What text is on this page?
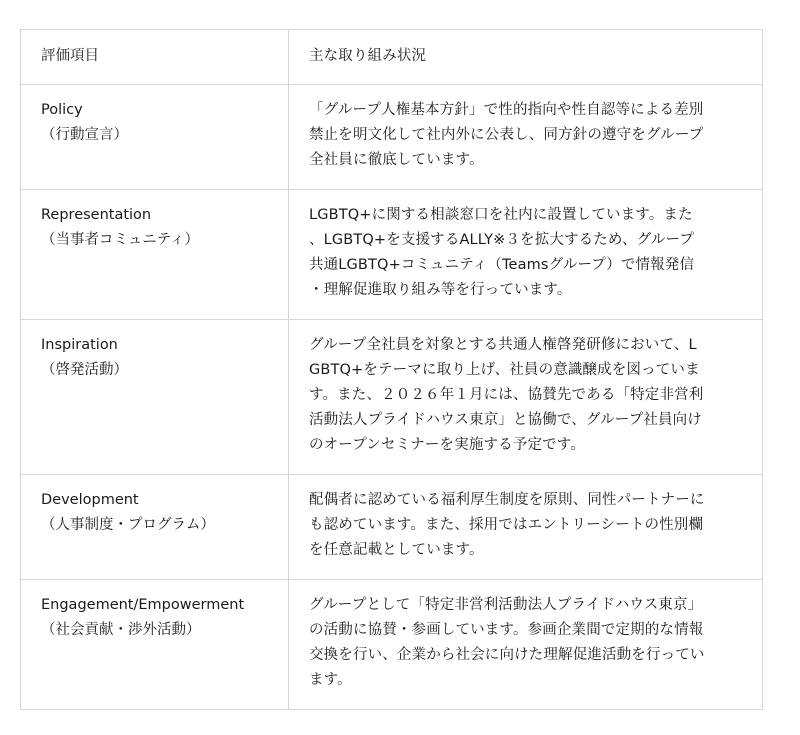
評価項目	主な取り組み状況

Policy
（行動宣言）	「グループ人権基本方針」で性的指向や性自認等による差別
禁止を明文化して社内外に公表し、同方針の遵守をグループ
全社員に徹底しています。

Representation
（当事者コミュニティ）	LGBTQ+に関する相談窓口を社内に設置しています。また
、LGBTQ+を支援するALLY※３を拡大するため、グループ
共通LGBTQ+コミュニティ（Teamsグループ）で情報発信
・理解促進取り組み等を行っています。

Inspiration
（啓発活動）	グループ全社員を対象とする共通人権啓発研修において、L
GBTQ+をテーマに取り上げ、社員の意識醸成を図っていま
す。また、２０２６年１月には、協賛先である「特定非営利
活動法人プライドハウス東京」と協働で、グループ社員向け
のオープンセミナーを実施する予定です。

Development
（人事制度・プログラム）	配偶者に認めている福利厚生制度を原則、同性パートナーに
も認めています。また、採用ではエントリーシートの性別欄
を任意記載としています。

Engagement/Empowerment
（社会貢献・渉外活動）	グループとして「特定非営利活動法人プライドハウス東京」
の活動に協賛・参画しています。参画企業間で定期的な情報
交換を行い、企業から社会に向けた理解促進活動を行ってい
ます。
